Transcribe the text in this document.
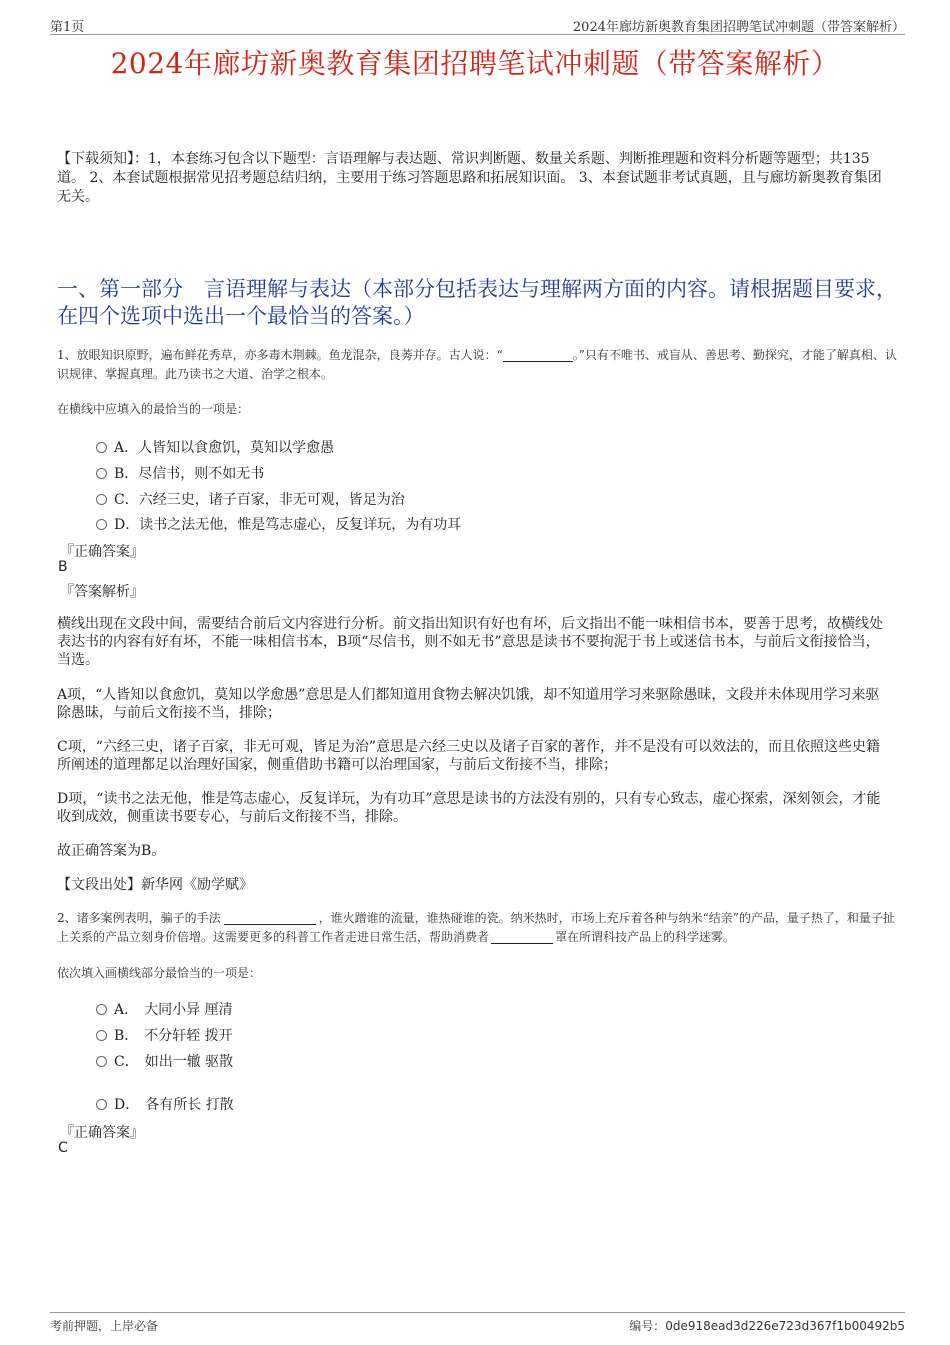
第1页	2024年廊坊新奥教育集团招聘笔试冲刺题（带答案解析）
2024年廊坊新奥教育集团招聘笔试冲刺题（带答案解析）
【下载须知】：1，本套练习包含以下题型：言语理解与表达题、常识判断题、数量关系题、判断推理题和资料分析题等题型；共135道。 2、本套试题根据常见招考题总结归纳，主要用于练习答题思路和拓展知识面。 3、本套试题非考试真题，且与廊坊新奥教育集团无关。
一、第一部分　言语理解与表达（本部分包括表达与理解两方面的内容。请根据题目要求，在四个选项中选出一个最恰当的答案。）
1、放眼知识原野，遍布鲜花秀草，亦多毒木荆棘。鱼龙混杂，良莠并存。古人说：“	。”只有不唯书、戒盲从、善思考、勤探究，才能了解真相、认识规律、掌握真理。此乃读书之大道、治学之根本。
在横线中应填入的最恰当的一项是：
A．人皆知以食愈饥，莫知以学愈愚
B．尽信书，则不如无书
C．六经三史，诸子百家，非无可观，皆足为治
D．读书之法无他，惟是笃志虚心，反复详玩，为有功耳
『正确答案』
B
『答案解析』
横线出现在文段中间，需要结合前后文内容进行分析。前文指出知识有好也有坏，后文指出不能一味相信书本，要善于思考，故横线处表达书的内容有好有坏，不能一味相信书本，B项“尽信书，则不如无书”意思是读书不要拘泥于书上或迷信书本，与前后文衔接恰当，当选。
A项，“人皆知以食愈饥，莫知以学愈愚”意思是人们都知道用食物去解决饥饿，却不知道用学习来驱除愚昧，文段并未体现用学习来驱除愚昧，与前后文衔接不当，排除；
C项，“六经三史，诸子百家，非无可观，皆足为治”意思是六经三史以及诸子百家的著作，并不是没有可以效法的，而且依照这些史籍所阐述的道理都足以治理好国家，侧重借助书籍可以治理国家，与前后文衔接不当，排除；
D项，“读书之法无他，惟是笃志虚心，反复详玩，为有功耳”意思是读书的方法没有别的，只有专心致志，虚心探索，深刻领会，才能收到成效，侧重读书要专心，与前后文衔接不当，排除。
故正确答案为B。
【文段出处】新华网《励学赋》
2、诸多案例表明，骗子的手法	，谁火蹭谁的流量，谁热碰谁的瓷。纳米热时，市场上充斥着各种与纳米“结亲”的产品，量子热了，和量子扯上关系的产品立刻身价倍增。这需要更多的科普工作者走进日常生活，帮助消费者	罩在所谓科技产品上的科学迷雾。
依次填入画横线部分最恰当的一项是：
A． 大同小异 厘清
B． 不分轩轾 拨开
C． 如出一辙 驱散
D． 各有所长 打散
『正确答案』
C
考前押题，上岸必备	编号：0de918ead3d226e723d367f1b00492b5
